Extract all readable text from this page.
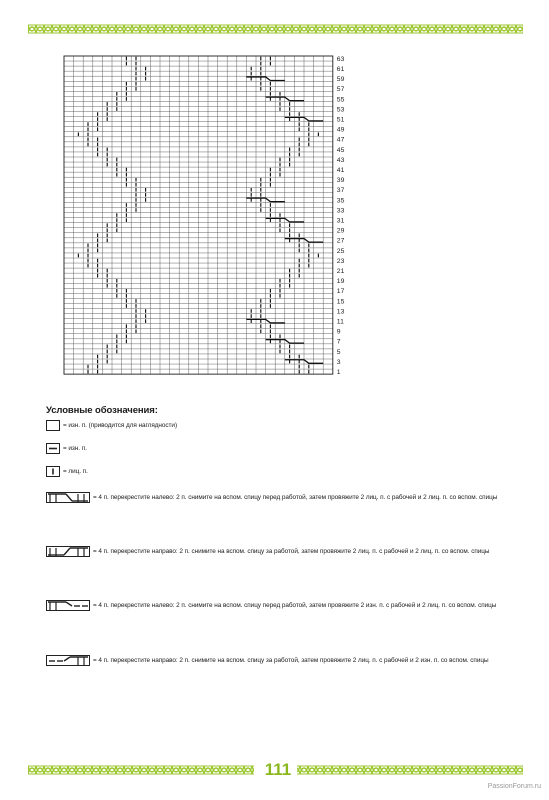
63
61
59
57
55
53
51
49
47
45
43
41
39
37
35
33
31
29
27
25
23
21
19
17
15
13
11
9
7
5
3
1
Условные обозначения:
= изн. п. (приводится для наглядности)
= изн. п.
= лиц. п.
= 4 п. перекрестите налево: 2 п. снимите на вспом. спицу перед работой, затем провяжите 2 лиц. п. с рабочей и 2 лиц. п. со вспом. спицы
= 4 п. перекрестите направо: 2 п. снимите на вспом. спицу за работой, затем провяжите 2 лиц. п. с рабочей и 2 лиц. п. со вспом. спицы
= 4 п. перекрестите налево: 2 п. снимите на вспом. спицу перед работой, затем провяжите 2 изн. п. с рабочей и 2 лиц. п. со вспом. спицы
= 4 п. перекрестите направо: 2 п. снимите на вспом. спицу за работой, затем провяжите 2 лиц. п. с рабочей и 2 изн. п. со вспом. спицы
111
PassionForum.ru
